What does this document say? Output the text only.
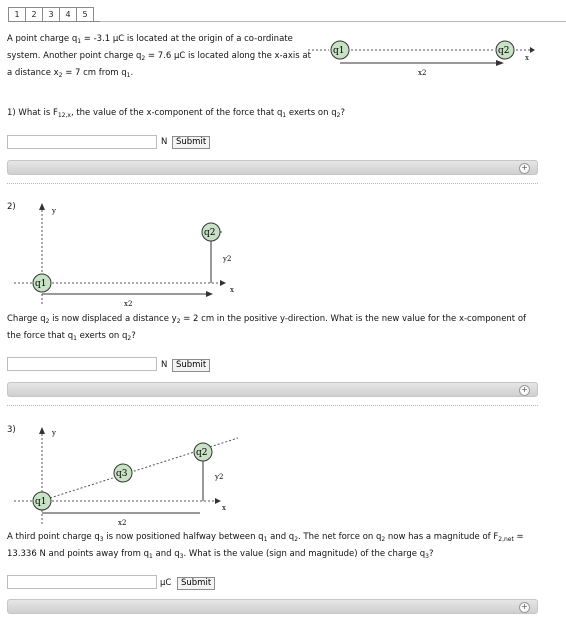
1	2	3	4	5
A point charge $q_1 = -3.1$ μC is located at the origin of a co-ordinate system. Another point charge $q_2 = 7.6$ μC is located along the x-axis at a distance $x_2 = 7$ cm from $q_1$.
q1	q2
x
x2
1) What is $F_{12,x}$, the value of the x-component of the force that $q_1$ exerts on $q_2$?
N	Submit
+
2)	y
x
y2
x2
q1
q2
Charge $q_2$ is now displaced a distance $y_2 = 2$ cm in the positive y-direction. What is the new value for the x-component of the force that $q_1$ exerts on $q_2$?
N	Submit
+
3)	y
x
y2
x2
q1
q3
q2
A third point charge $q_3$ is now positioned halfway between $q_1$ and $q_2$. The net force on $q_2$ now has a magnitude of $F_{2,net} = 13.336$ N and points away from $q_1$ and $q_3$. What is the value (sign and magnitude) of the charge $q_3$?
μC	Submit
+
